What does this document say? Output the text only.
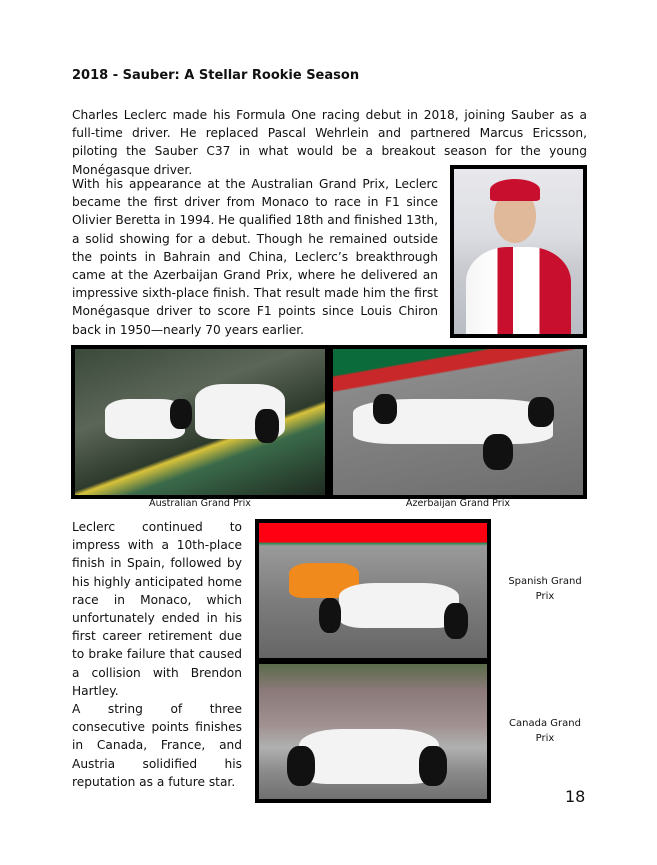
2018 - Sauber: A Stellar Rookie Season
Charles Leclerc made his Formula One racing debut in 2018, joining Sauber as a full-time driver. He replaced Pascal Wehrlein and partnered Marcus Ericsson, piloting the Sauber C37 in what would be a breakout season for the young Monégasque driver.
With his appearance at the Australian Grand Prix, Leclerc became the first driver from Monaco to race in F1 since Olivier Beretta in 1994. He qualified 18th and finished 13th, a solid showing for a debut. Though he remained outside the points in Bahrain and China, Leclerc’s breakthrough came at the Azerbaijan Grand Prix, where he delivered an impressive sixth-place finish. That result made him the first Monégasque driver to score F1 points since Louis Chiron back in 1950—nearly 70 years earlier.
Australian Grand Prix	Azerbaijan Grand Prix
Leclerc continued to impress with a 10th-place finish in Spain, followed by his highly anticipated home race in Monaco, which unfortunately ended in his first career retirement due to brake failure that caused a collision with Brendon Hartley.
A string of three consecutive points finishes in Canada, France, and Austria solidified his reputation as a future star.
Spanish Grand Prix
Canada Grand Prix
18
